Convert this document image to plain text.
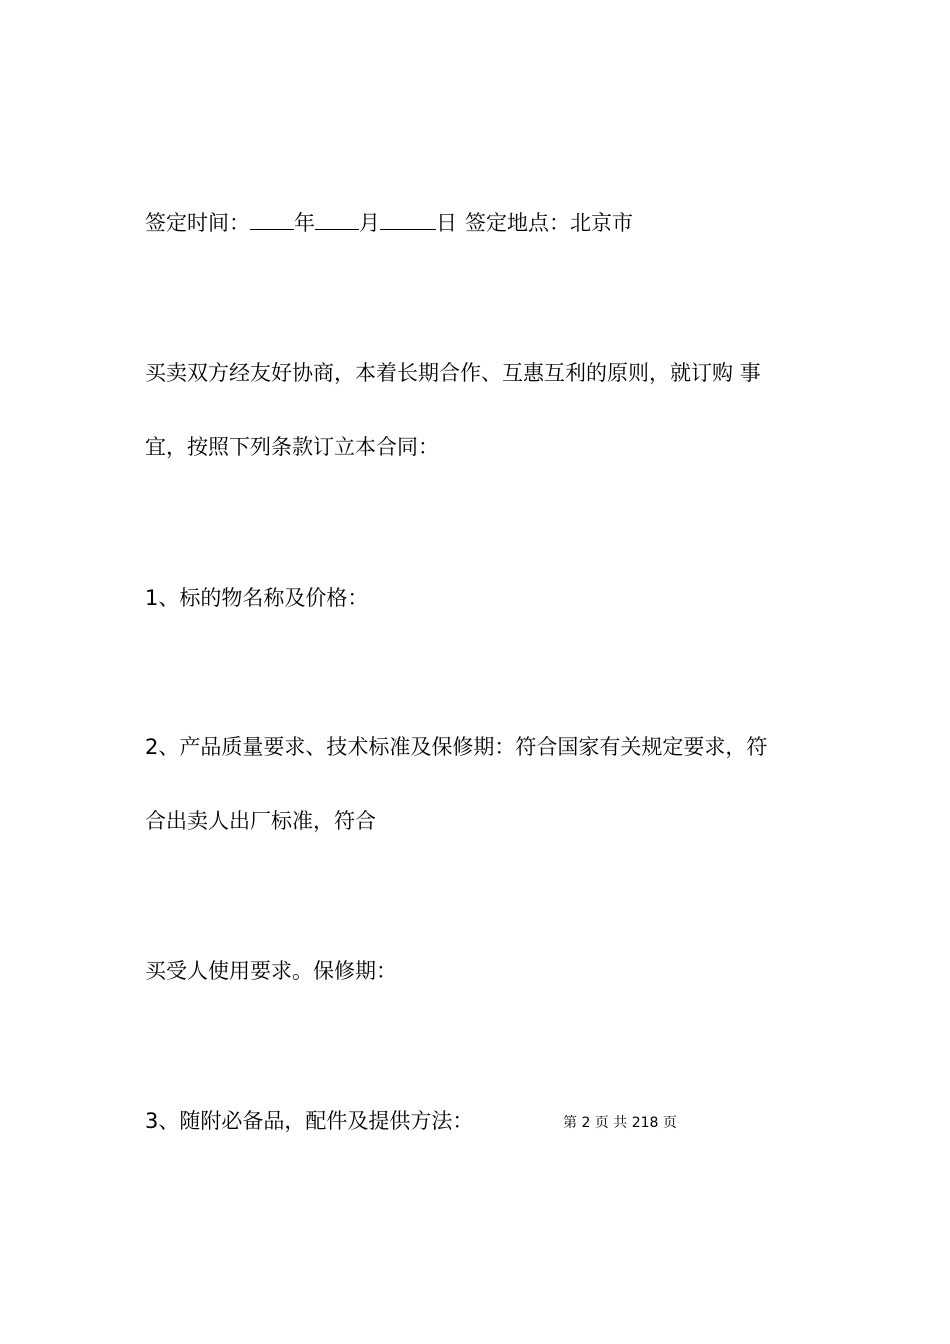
签定时间： 年 月	日 签定地点：北京市

买卖双方经友好协商，本着长期合作、互惠互利的原则，就订购 事

宜，按照下列条款订立本合同：

1、标的物名称及价格：

2、产品质量要求、技术标准及保修期：符合国家有关规定要求，符

合出卖人出厂标准，符合

买受人使用要求。保修期：

3、随附必备品，配件及提供方法：	第 2 页 共 218 页
